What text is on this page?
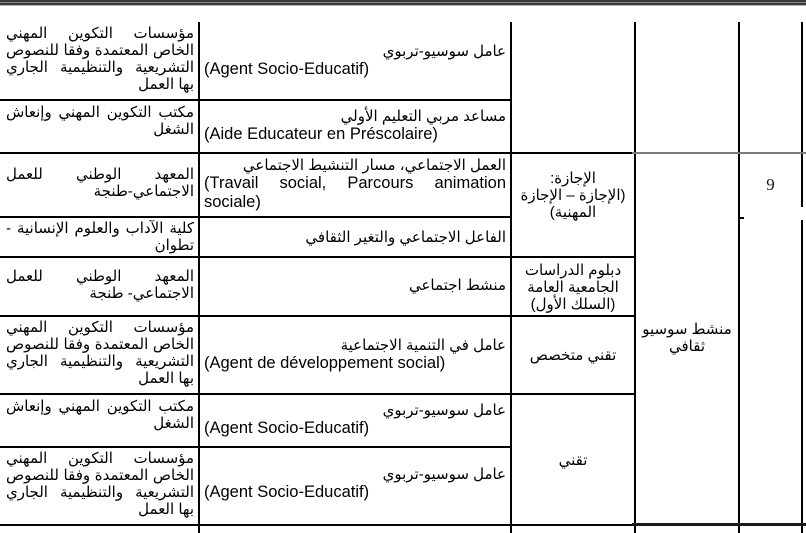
مؤسسات التكوين المهني الخاص المعتمدة وفقا للنصوص التشريعية والتنظيمية الجاري بها العمل
مكتب التكوين المهني وإنعاش الشغل
المعهد الوطني للعمل الاجتماعي-طنجة
كلية الآداب والعلوم الإنسانية - تطوان
المعهد الوطني للعمل الاجتماعي- طنجة
مؤسسات التكوين المهني الخاص المعتمدة وفقا للنصوص التشريعية والتنظيمية الجاري بها العمل
مكتب التكوين المهني وإنعاش الشغل
مؤسسات التكوين المهني الخاص المعتمدة وفقا للنصوص التشريعية والتنظيمية الجاري بها العمل
عامل سوسيو-تربوي
(Agent Socio-Educatif)
مساعد مربي التعليم الأولي
(Aide Educateur en Préscolaire)
العمل الاجتماعي، مسار التنشيط الاجتماعي
(Travail social, Parcours animation sociale)
الفاعل الاجتماعي والتغير الثقافي
منشط اجتماعي
عامل في التنمية الاجتماعية
(Agent de développement social)
عامل سوسيو-تربوي
(Agent Socio-Educatif)
عامل سوسيو-تربوي
(Agent Socio-Educatif)
الإجازة:
(الإجازة – الإجازة
المهنية)
دبلوم الدراسات
الجامعية العامة
(السلك الأول)
تقني متخصص
تقني
منشط سوسيو
ثقافي
9
